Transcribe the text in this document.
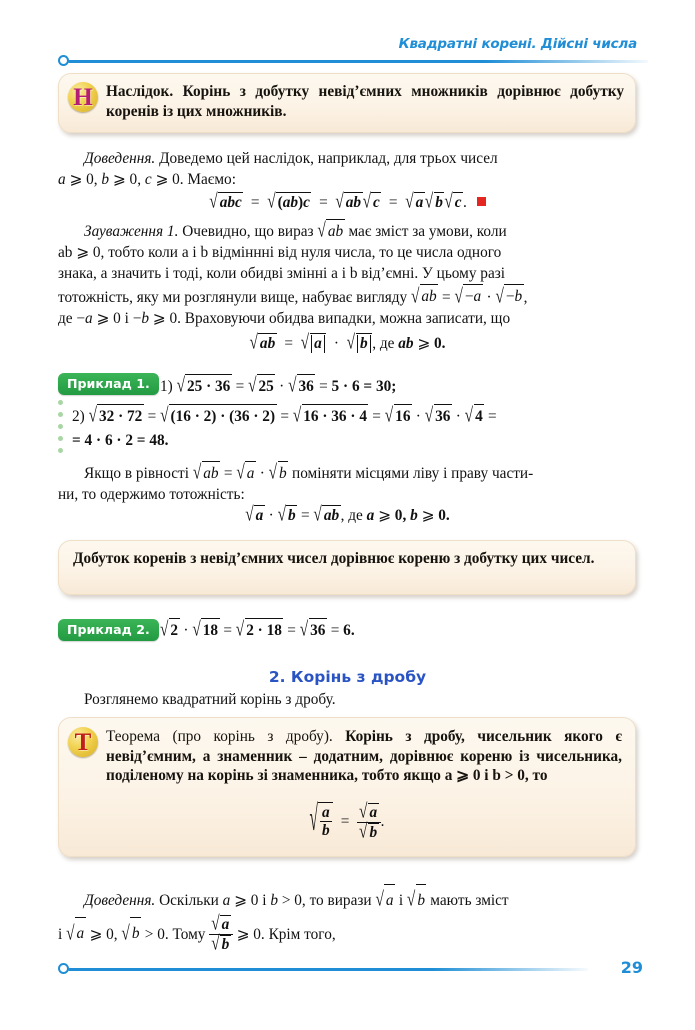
Квадратні корені. Дійсні числа
Н Наслідок. Корінь з добутку невід’ємних множників дорівнює добутку коренів із цих множників.
Доведення. Доведемо цей наслідок, наприклад, для трьох чисел
a ⩾ 0, b ⩾ 0, c ⩾ 0. Маємо:
√ abc  =  √ (ab)c  =  √ ab√ c  =  √ a√ b√ c.
Зауваження 1. Очевидно, що вираз √ ab має зміст за умови, коли
ab ⩾ 0, тобто коли a і b відміннні від нуля числа, то це числа одного
знака, а значить і тоді, коли обидві змінні a і b від’ємні. У цьому разі
тотожність, яку ми розглянули вище, набуває вигляду √ ab = √ −a · √ −b,
де −a ⩾ 0 і −b ⩾ 0. Враховуючи обидва випадки, можна записати, що
√ ab  =  √ a  ·  √ b , де ab ⩾ 0.
Приклад 1. 1) √ 25 · 36 = √ 25 · √ 36 = 5 · 6 = 30;
2) √ 32 · 72 = √ (16 · 2) · (36 · 2) = √ 16 · 36 · 4 = √ 16 · √ 36 · √ 4 =
= 4 · 6 · 2 = 48.
Якщо в рівності √ ab = √ a · √ b поміняти місцями ліву і праву части-
ни, то одержимо тотожність:
√ a · √ b = √ ab, де a ⩾ 0, b ⩾ 0.
Добуток коренів з невід’ємних чисел дорівнює кореню з добутку цих чисел.
Приклад 2. √ 2 · √ 18 = √ 2 · 18 = √ 36 = 6.
2. Корінь з дробу
Розглянемо квадратний корінь з дробу.
Т Теорема (про корінь з дробу). Корінь з дробу, чисельник якого є невід’ємним, а знаменник – додатним, дорівнює кореню із чисельника, поділеному на корінь зі знаменника, тобто якщо a ⩾ 0 і b > 0, то
√ $\frac{a}{b} = \frac{√ a}{√ b}$ .
Доведення. Оскільки a ⩾ 0 і b > 0, то вирази √ a і √ b мають зміст
і √ a ⩾ 0, √ b > 0. Тому $\frac{√ a}{√ b}$ ⩾ 0. Крім того,
29
